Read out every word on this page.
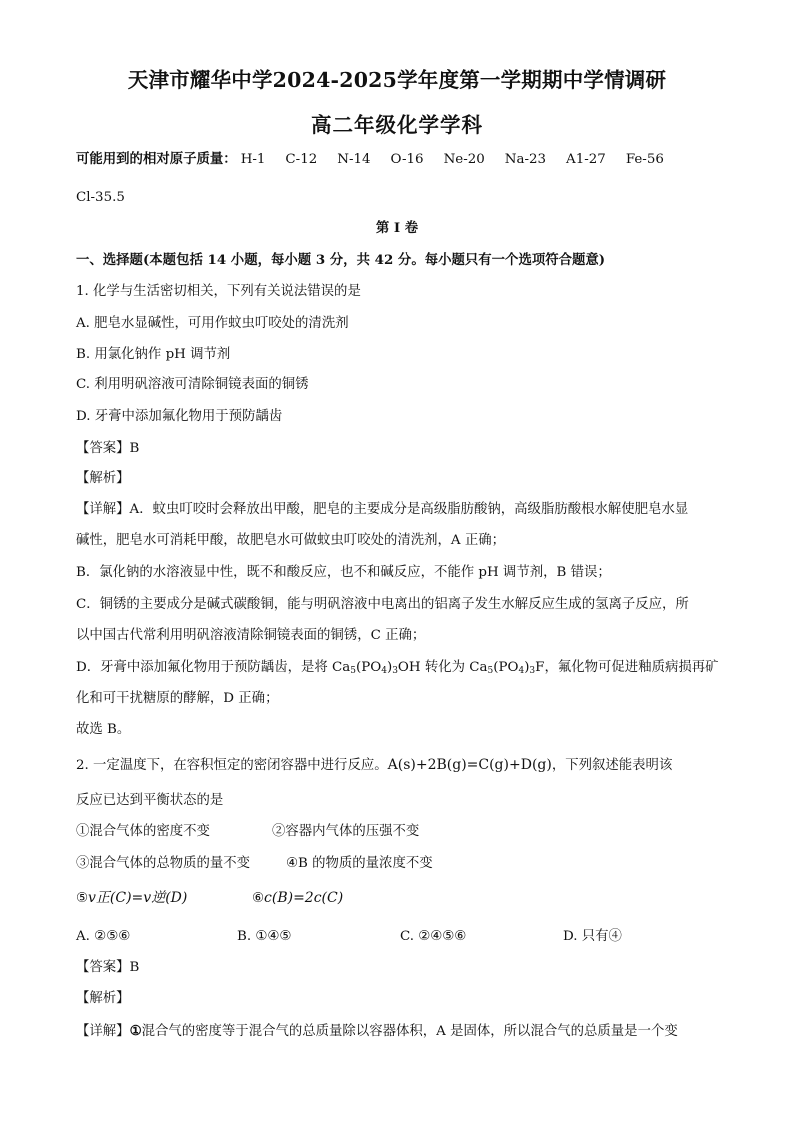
天津市耀华中学2024-2025学年度第一学期期中学情调研
高二年级化学学科
可能用到的相对原子质量： H-1 C-12 N-14 O-16 Ne-20 Na-23 A1-27 Fe-56
Cl-35.5
第 I 卷
一、选择题(本题包括 14 小题，每小题 3 分，共 42 分。每小题只有一个选项符合题意)
1. 化学与生活密切相关，下列有关说法错误的是
A. 肥皂水显碱性，可用作蚊虫叮咬处的清洗剂
B. 用氯化钠作 pH 调节剂
C. 利用明矾溶液可清除铜镜表面的铜锈
D. 牙膏中添加氟化物用于预防龋齿
【答案】B
【解析】
【详解】A．蚊虫叮咬时会释放出甲酸，肥皂的主要成分是高级脂肪酸钠，高级脂肪酸根水解使肥皂水显
碱性，肥皂水可消耗甲酸，故肥皂水可做蚊虫叮咬处的清洗剂，A 正确；
B．氯化钠的水溶液显中性，既不和酸反应，也不和碱反应，不能作 pH 调节剂，B 错误；
C．铜锈的主要成分是碱式碳酸铜，能与明矾溶液中电离出的铝离子发生水解反应生成的氢离子反应，所
以中国古代常利用明矾溶液清除铜镜表面的铜锈，C 正确；
D．牙膏中添加氟化物用于预防龋齿，是将 $Ca_5(PO_4)_3OH$ 转化为 $Ca_5(PO_4)_3F$，氟化物可促进釉质病损再矿
化和可干扰糖原的酵解，D 正确；
故选 B。
2. 一定温度下，在容积恒定的密闭容器中进行反应。A(s)+2B(g)=C(g)+D(g)，下列叙述能表明该
反应已达到平衡状态的是
①混合气体的密度不变	②容器内气体的压强不变
③混合气体的总物质的量不变	④B 的物质的量浓度不变
⑤v正(C)=v逆(D)	⑥c(B)=2c(C)
A. ②⑤⑥	B. ①④⑤	C. ②④⑤⑥	D. 只有④
【答案】B
【解析】
【详解】①混合气的密度等于混合气的总质量除以容器体积，A 是固体，所以混合气的总质量是一个变
